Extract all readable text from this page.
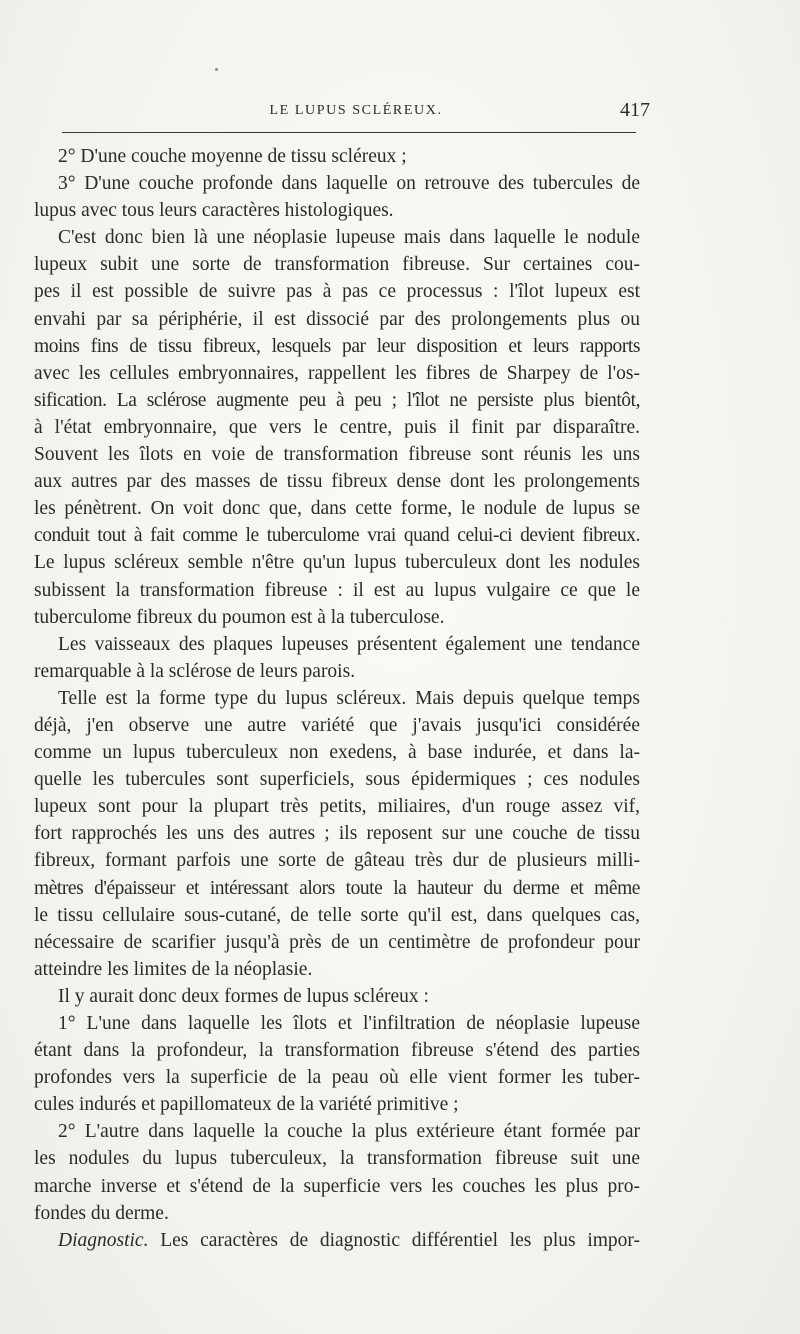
LE LUPUS SCLÉREUX.	417
2° D'une couche moyenne de tissu scléreux ;
3° D'une couche profonde dans laquelle on retrouve des tubercules de
lupus avec tous leurs caractères histologiques.
C'est donc bien là une néoplasie lupeuse mais dans laquelle le nodule
lupeux subit une sorte de transformation fibreuse. Sur certaines cou-
pes il est possible de suivre pas à pas ce processus : l'îlot lupeux est
envahi par sa périphérie, il est dissocié par des prolongements plus ou
moins fins de tissu fibreux, lesquels par leur disposition et leurs rapports
avec les cellules embryonnaires, rappellent les fibres de Sharpey de l'os-
sification. La sclérose augmente peu à peu ; l'îlot ne persiste plus bientôt,
à l'état embryonnaire, que vers le centre, puis il finit par disparaître.
Souvent les îlots en voie de transformation fibreuse sont réunis les uns
aux autres par des masses de tissu fibreux dense dont les prolongements
les pénètrent. On voit donc que, dans cette forme, le nodule de lupus se
conduit tout à fait comme le tuberculome vrai quand celui-ci devient fibreux.
Le lupus scléreux semble n'être qu'un lupus tuberculeux dont les nodules
subissent la transformation fibreuse : il est au lupus vulgaire ce que le
tuberculome fibreux du poumon est à la tuberculose.
Les vaisseaux des plaques lupeuses présentent également une tendance
remarquable à la sclérose de leurs parois.
Telle est la forme type du lupus scléreux. Mais depuis quelque temps
déjà, j'en observe une autre variété que j'avais jusqu'ici considérée
comme un lupus tuberculeux non exedens, à base indurée, et dans la-
quelle les tubercules sont superficiels, sous épidermiques ; ces nodules
lupeux sont pour la plupart très petits, miliaires, d'un rouge assez vif,
fort rapprochés les uns des autres ; ils reposent sur une couche de tissu
fibreux, formant parfois une sorte de gâteau très dur de plusieurs milli-
mètres d'épaisseur et intéressant alors toute la hauteur du derme et même
le tissu cellulaire sous-cutané, de telle sorte qu'il est, dans quelques cas,
nécessaire de scarifier jusqu'à près de un centimètre de profondeur pour
atteindre les limites de la néoplasie.
Il y aurait donc deux formes de lupus scléreux :
1° L'une dans laquelle les îlots et l'infiltration de néoplasie lupeuse
étant dans la profondeur, la transformation fibreuse s'étend des parties
profondes vers la superficie de la peau où elle vient former les tuber-
cules indurés et papillomateux de la variété primitive ;
2° L'autre dans laquelle la couche la plus extérieure étant formée par
les nodules du lupus tuberculeux, la transformation fibreuse suit une
marche inverse et s'étend de la superficie vers les couches les plus pro-
fondes du derme.
Diagnostic. Les caractères de diagnostic différentiel les plus impor-
